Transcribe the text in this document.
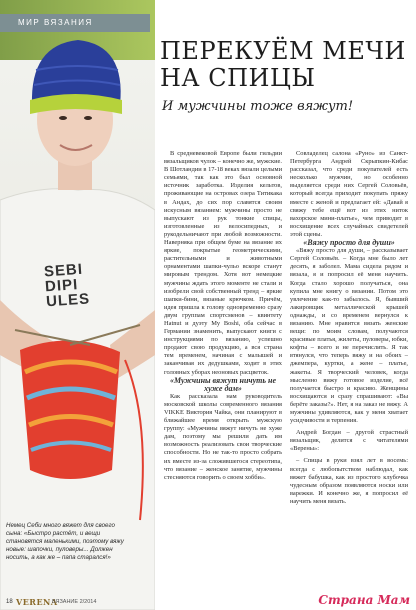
SEBI
DIPI
ULES
МИР ВЯЗАНИЯ
Немец Себи много вяжет для своего сына: «Быстро растёт, и вещи становятся маленькими, поэтому вяжу новые: шапочки, пуловеры... Должен носить, а как же – папа старался!»
ПЕРЕКУЁМ МЕЧИ НА СПИЦЫ
И мужчины тоже вяжут!

В средневековой Европе были гильдии вязальщиков чулок – конечно же, мужские. В Шотландии в 17-18 веках вязали целыми семьями, так как это был основной источник заработка. Изделия кельтов, проживающие на островах озера Титикака в Андах, до сих пор славятся своим искусным вязанием: мужчины просто не выпускают из рук тонкие спицы, изготовленные из велосипедных, и рукодельничают при любой возможности. Наверняка при общем буме на вязание их яркие, покрытые геометрическими, растительными и животными орнаментами шапки-чульо вскоре станут мировым трендом. Хотя вот немецкие мужчины ждать этого моменте не стали и изобрели свой собственный тренд – яркие шапки-бини, вязаные крючком. Причём, идея пришла к голову одновременно сразу двум группам спортсменов – квинтету Hatnut и дуэту My Boshi, оба сейчас в Германии знаменить, выпускают книги с инструкциями по вязанию, успешно продают свою продукцию, а вся страна тем временем, начиная с малышей и заканчивая их дедушками, ходит в этих головных уборах неоновых расцветок.

«Мужчины вяжут ничуть не хуже дам»

Как рассказала нам руководитель московской школы современного вязания VIKKE Виктория Чайка, они планируют в ближайшее время открыть мужскую группу: «Мужчины вяжут ничуть не хуже дам, поэтому мы решили дать им возможность реализовать свои творческие способности. Но не так-то просто собрать их вместе из-за сложившегося стереотипа, что вязание – женское занятие, мужчины стесняются говорить о своем хобби».

Совладелец салона «Руно» из Санкт-Петербурга Андрей Скрыпкин-Кибас рассказал, что среди покупателей есть несколько мужчин, но особенно выделяется среди них Сергей Соловьёв, который всегда приходит покупать пряжу вместе с женой и предлагает ей: «Давай я свяжу тебе ещё вот из этих ниток вахорское мини-платье», чем приводит в восхищение всех случайных свидетелей этой сцены.

«Вяжу просто для души»

«Вяжу просто для души, – рассказывает Сергей Соловьёв. – Когда мне было лет десять, я заболел. Мама сидела рядом и вязала, я и попросил её меня научить. Когда стало хорошо получаться, она купила мне книгу о вязании. Потом это увлечение как-то забылось. Я, бывший лакировщик металлической крышей однажды, и со временем вернулся к вязанию. Мне нравится вязать женские вещи: по моим словам, получаются красивые платья, жилеты, пуловеры, юбки, кофты – всего и не перечислить. Я так втянулся, что теперь вяжу и на обоих – джемпера, куртки, а жене – платье, жакеты. Я творческий человек, когда мысленно вижу готовое изделие, всё получается быстро и красиво. Женщины восхищаются и сразу спрашивают: «Вы берёте заказы?». Нет, я на заказ не вяжу. А мужчины удивляются, как у меня хватает усидчивости и терпения.

Андрей Богдан – другой страстный вязальщик, делится с читателями «Верены»:

– Спицы в руки взял лет в восемь: всегда с любопытством наблюдал, как вяжет бабушка, как из простого клубочка чудесным образом появляются носки или варежки. И конечно же, я попросил её научить меня вязать.

18 VERENA
ВЯЗАНИЕ 2/2014	Страна Мам
